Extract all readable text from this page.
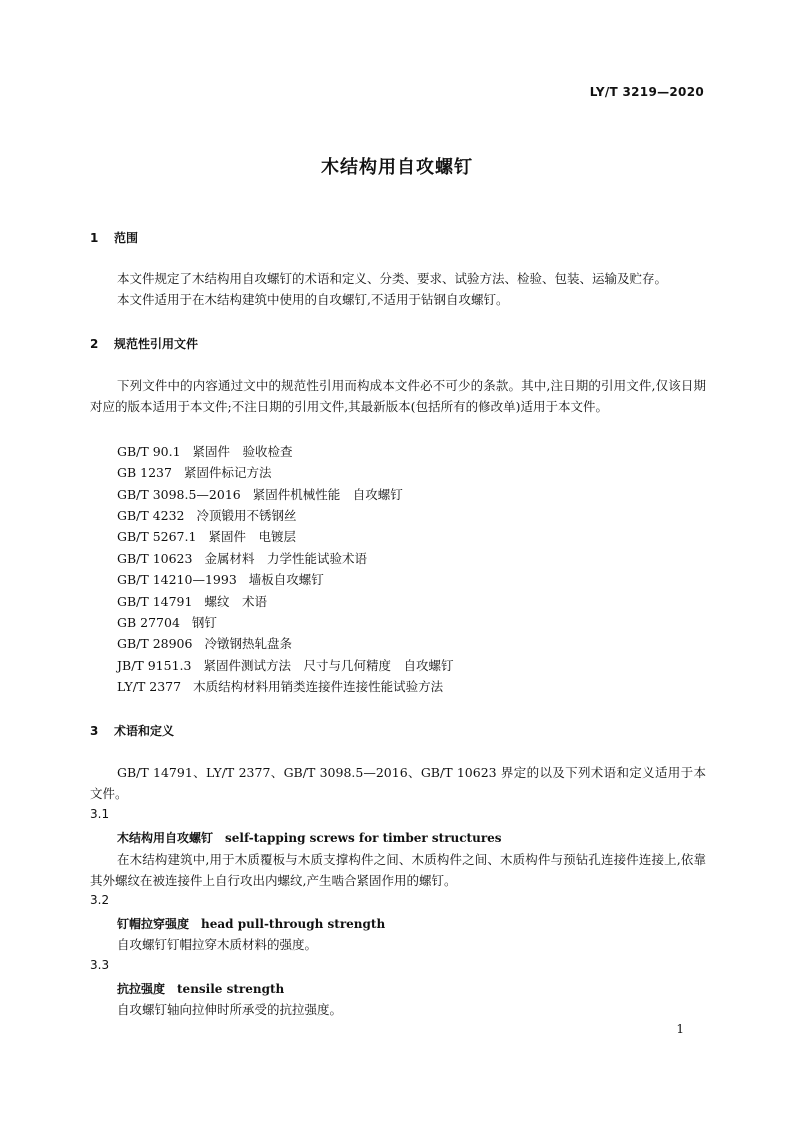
LY/T 3219—2020
木结构用自攻螺钉
1 范围

本文件规定了木结构用自攻螺钉的术语和定义、分类、要求、试验方法、检验、包装、运输及贮存。

本文件适用于在木结构建筑中使用的自攻螺钉,不适用于钻钢自攻螺钉。

2 规范性引用文件

下列文件中的内容通过文中的规范性引用而构成本文件必不可少的条款。其中,注日期的引用文件,仅该日期对应的版本适用于本文件;不注日期的引用文件,其最新版本(包括所有的修改单)适用于本文件。

GB/T 90.1 紧固件　验收检查
GB 1237 紧固件标记方法
GB/T 3098.5—2016 紧固件机械性能　自攻螺钉
GB/T 4232 冷顶锻用不锈钢丝
GB/T 5267.1 紧固件　电镀层
GB/T 10623 金属材料　力学性能试验术语
GB/T 14210—1993 墙板自攻螺钉
GB/T 14791 螺纹　术语
GB 27704 钢钉
GB/T 28906 冷镦钢热轧盘条
JB/T 9151.3 紧固件测试方法　尺寸与几何精度　自攻螺钉
LY/T 2377 木质结构材料用销类连接件连接性能试验方法
3 术语和定义

GB/T 14791、LY/T 2377、GB/T 3098.5—2016、GB/T 10623 界定的以及下列术语和定义适用于本文件。

3.1
木结构用自攻螺钉 self-tapping screws for timber structures

在木结构建筑中,用于木质覆板与木质支撑构件之间、木质构件之间、木质构件与预钻孔连接件连接上,依靠其外螺纹在被连接件上自行攻出内螺纹,产生啮合紧固作用的螺钉。

3.2
钉帽拉穿强度 head pull-through strength

自攻螺钉钉帽拉穿木质材料的强度。

3.3
抗拉强度 tensile strength

自攻螺钉轴向拉伸时所承受的抗拉强度。

1
